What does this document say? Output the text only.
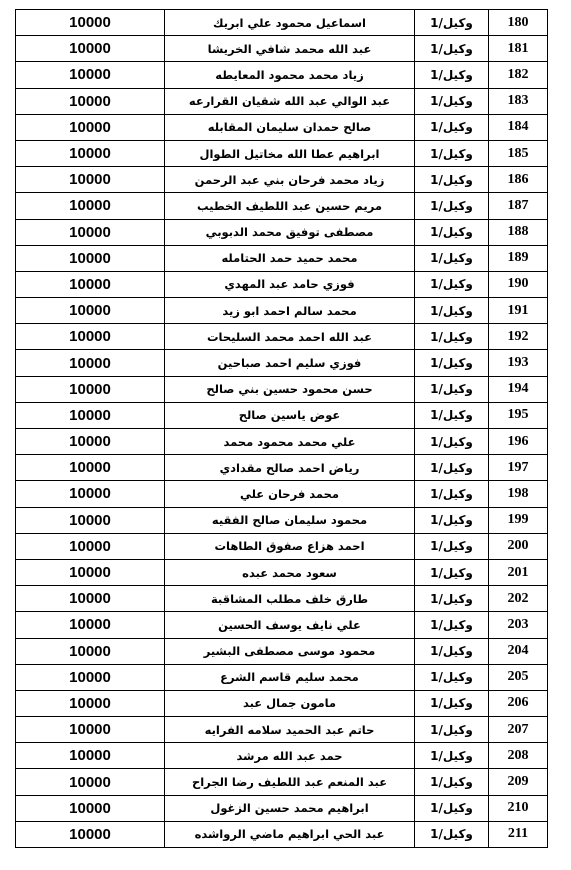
10000	اسماعيل محمود علي ابريك	وكيل/1	180
10000	عبد الله محمد شافي الخريشا	وكيل/1	181
10000	زياد محمد محمود المعايطه	وكيل/1	182
10000	عبد الوالي عبد الله شقيان القرارعه	وكيل/1	183
10000	صالح حمدان سليمان المقابله	وكيل/1	184
10000	ابراهيم عطا الله مخاتيل الطوال	وكيل/1	185
10000	زياد محمد فرحان بني عبد الرحمن	وكيل/1	186
10000	مريم حسين عبد اللطيف الخطيب	وكيل/1	187
10000	مصطفى توفيق محمد الدبوبي	وكيل/1	188
10000	محمد حميد حمد الحتامله	وكيل/1	189
10000	فوزي حامد عبد المهدي	وكيل/1	190
10000	محمد سالم احمد ابو زيد	وكيل/1	191
10000	عبد الله احمد محمد السليحات	وكيل/1	192
10000	فوزي سليم احمد صباحين	وكيل/1	193
10000	حسن محمود حسين بني صالح	وكيل/1	194
10000	عوض ياسين صالح	وكيل/1	195
10000	علي محمد محمود محمد	وكيل/1	196
10000	رياض احمد صالح مقدادي	وكيل/1	197
10000	محمد فرحان علي	وكيل/1	198
10000	محمود سليمان صالح الفقيه	وكيل/1	199
10000	احمد هزاع صفوق الطاهات	وكيل/1	200
10000	سعود محمد عبده	وكيل/1	201
10000	طارق خلف مطلب المشاقبة	وكيل/1	202
10000	علي نايف يوسف الحسين	وكيل/1	203
10000	محمود موسى مصطفى البشير	وكيل/1	204
10000	محمد سليم قاسم الشرع	وكيل/1	205
10000	مامون جمال عبد	وكيل/1	206
10000	حاتم عبد الحميد سلامه الفرايه	وكيل/1	207
10000	حمد عبد الله مرشد	وكيل/1	208
10000	عبد المنعم عبد اللطيف رضا الجراح	وكيل/1	209
10000	ابراهيم محمد حسين الزغول	وكيل/1	210
10000	عبد الحي ابراهيم ماضي الرواشده	وكيل/1	211
